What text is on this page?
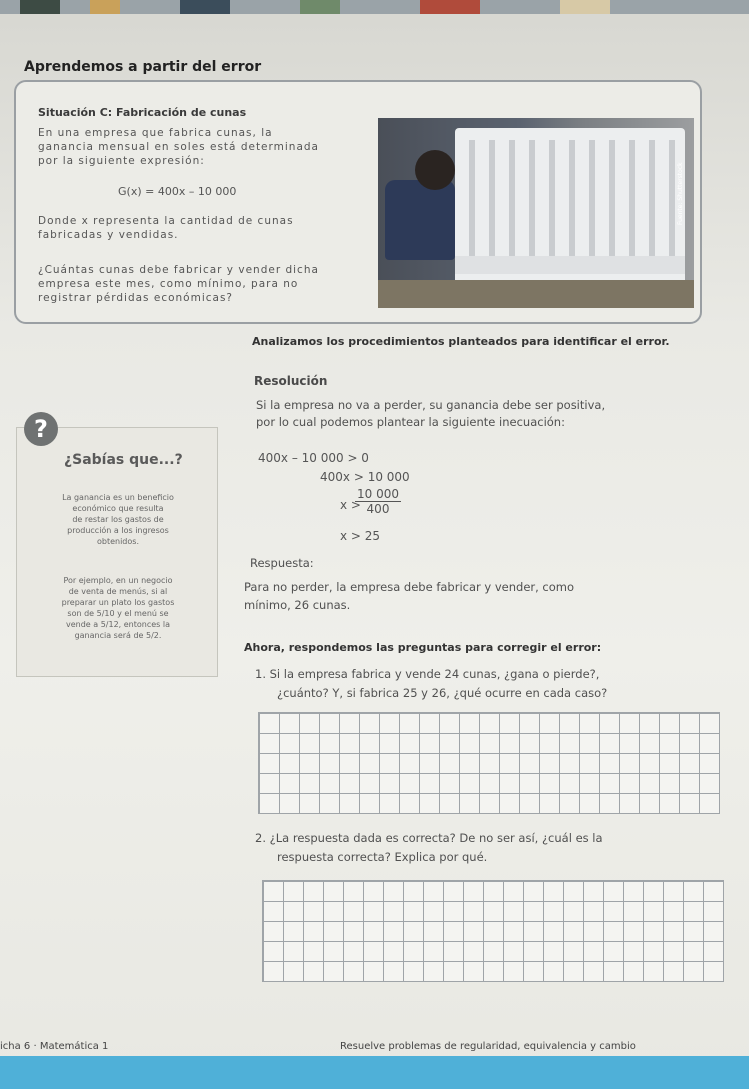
Aprendemos a partir del error
Situación C: Fabricación de cunas
En una empresa que fabrica cunas, la
ganancia mensual en soles está determinada
por la siguiente expresión:
G(x) = 400x – 10 000
Donde x representa la cantidad de cunas
fabricadas y vendidas.
¿Cuántas cunas debe fabricar y vender dicha
empresa este mes, como mínimo, para no
registrar pérdidas económicas?
Fuente: Shutterstock
Analizamos los procedimientos planteados para identificar el error.
Resolución
Si la empresa no va a perder, su ganancia debe ser positiva,
por lo cual podemos plantear la siguiente inecuación:
?
¿Sabías que...?
La ganancia es un beneficio
económico que resulta
de restar los gastos de
producción a los ingresos
obtenidos.
Por ejemplo, en un negocio
de venta de menús, si al
preparar un plato los gastos
son de 5/10 y el menú se
vende a 5/12, entonces la
ganancia será de 5/2.
400x – 10 000 > 0
400x > 10 000
x >
$\frac{10 000}{400}$
x > 25
Respuesta:
Para no perder, la empresa debe fabricar y vender, como
mínimo, 26 cunas.
Ahora, respondemos las preguntas para corregir el error:
1. Si la empresa fabrica y vende 24 cunas, ¿gana o pierde?,
¿cuánto? Y, si fabrica 25 y 26, ¿qué ocurre en cada caso?
2. ¿La respuesta dada es correcta? De no ser así, ¿cuál es la
respuesta correcta? Explica por qué.
icha 6 · Matemática 1	Resuelve problemas de regularidad, equivalencia y cambio
